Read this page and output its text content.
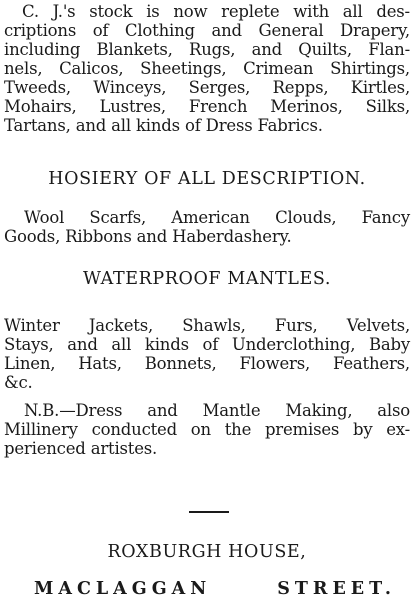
C. J.'s stock is now replete with all des-
criptions of Clothing and General Drapery,
including Blankets, Rugs, and Quilts, Flan-
nels, Calicos, Sheetings, Crimean Shirtings,
Tweeds, Winceys, Serges, Repps, Kirtles,
Mohairs, Lustres, French Merinos, Silks,
Tartans, and all kinds of Dress Fabrics.
HOSIERY OF ALL DESCRIPTION.
Wool Scarfs, American Clouds, Fancy
Goods, Ribbons and Haberdashery.
WATERPROOF MANTLES.
Winter Jackets, Shawls, Furs, Velvets,
Stays, and all kinds of Underclothing, Baby
Linen, Hats, Bonnets, Flowers, Feathers,
&c.
N.B.—Dress and Mantle Making, also
Millinery conducted on the premises by ex-
perienced artistes.
ROXBURGH HOUSE,
MACLAGGAN	STREET.
